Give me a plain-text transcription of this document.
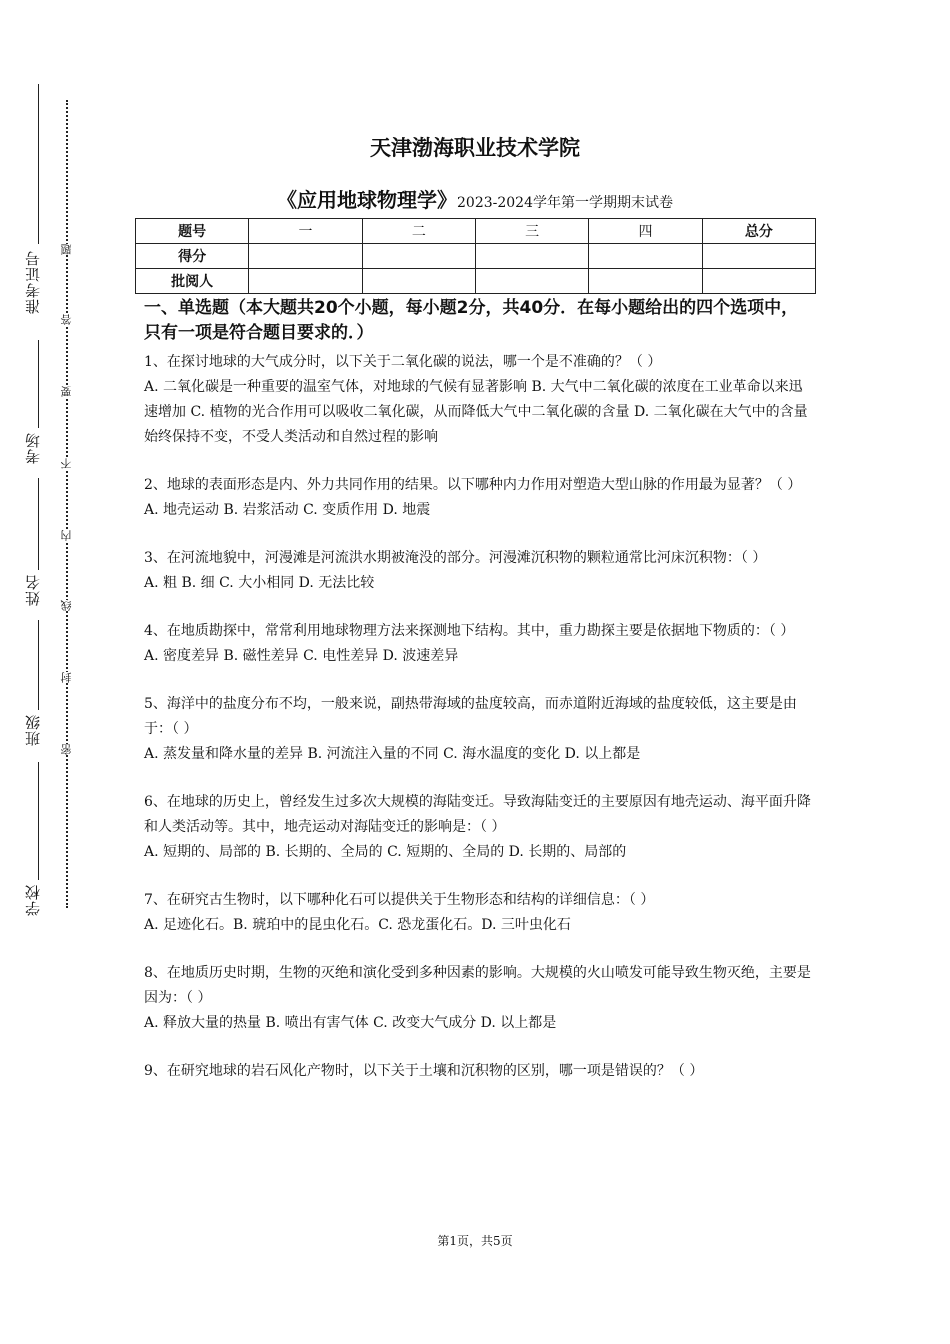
准考证号
考场
姓名
班级
学校
题
答
要
不
内
线
封
密
天津渤海职业技术学院
《应用地球物理学》2023-2024学年第一学期期末试卷
题号	一	二	三	四	总分
得分					
批阅人					
一、单选题（本大题共20个小题，每小题2分，共40分．在每小题给出的四个选项中，只有一项是符合题目要求的．）
1、在探讨地球的大气成分时，以下关于二氧化碳的说法，哪一个是不准确的？（ ）
A. 二氧化碳是一种重要的温室气体，对地球的气候有显著影响 B. 大气中二氧化碳的浓度在工业革命以来迅速增加 C. 植物的光合作用可以吸收二氧化碳，从而降低大气中二氧化碳的含量 D. 二氧化碳在大气中的含量始终保持不变，不受人类活动和自然过程的影响
2、地球的表面形态是内、外力共同作用的结果。以下哪种内力作用对塑造大型山脉的作用最为显著？（ ）
A. 地壳运动 B. 岩浆活动 C. 变质作用 D. 地震
3、在河流地貌中，河漫滩是河流洪水期被淹没的部分。河漫滩沉积物的颗粒通常比河床沉积物：（ ）
A. 粗 B. 细 C. 大小相同 D. 无法比较
4、在地质勘探中，常常利用地球物理方法来探测地下结构。其中，重力勘探主要是依据地下物质的：（ ）
A. 密度差异 B. 磁性差异 C. 电性差异 D. 波速差异
5、海洋中的盐度分布不均，一般来说，副热带海域的盐度较高，而赤道附近海域的盐度较低，这主要是由于：（ ）
A. 蒸发量和降水量的差异 B. 河流注入量的不同 C. 海水温度的变化 D. 以上都是
6、在地球的历史上，曾经发生过多次大规模的海陆变迁。导致海陆变迁的主要原因有地壳运动、海平面升降和人类活动等。其中，地壳运动对海陆变迁的影响是：（ ）
A. 短期的、局部的 B. 长期的、全局的 C. 短期的、全局的 D. 长期的、局部的
7、在研究古生物时，以下哪种化石可以提供关于生物形态和结构的详细信息：（ ）
A. 足迹化石。B. 琥珀中的昆虫化石。C. 恐龙蛋化石。D. 三叶虫化石
8、在地质历史时期，生物的灭绝和演化受到多种因素的影响。大规模的火山喷发可能导致生物灭绝，主要是因为：（ ）
A. 释放大量的热量 B. 喷出有害气体 C. 改变大气成分 D. 以上都是
9、在研究地球的岩石风化产物时，以下关于土壤和沉积物的区别，哪一项是错误的？（ ）
第1页，共5页
